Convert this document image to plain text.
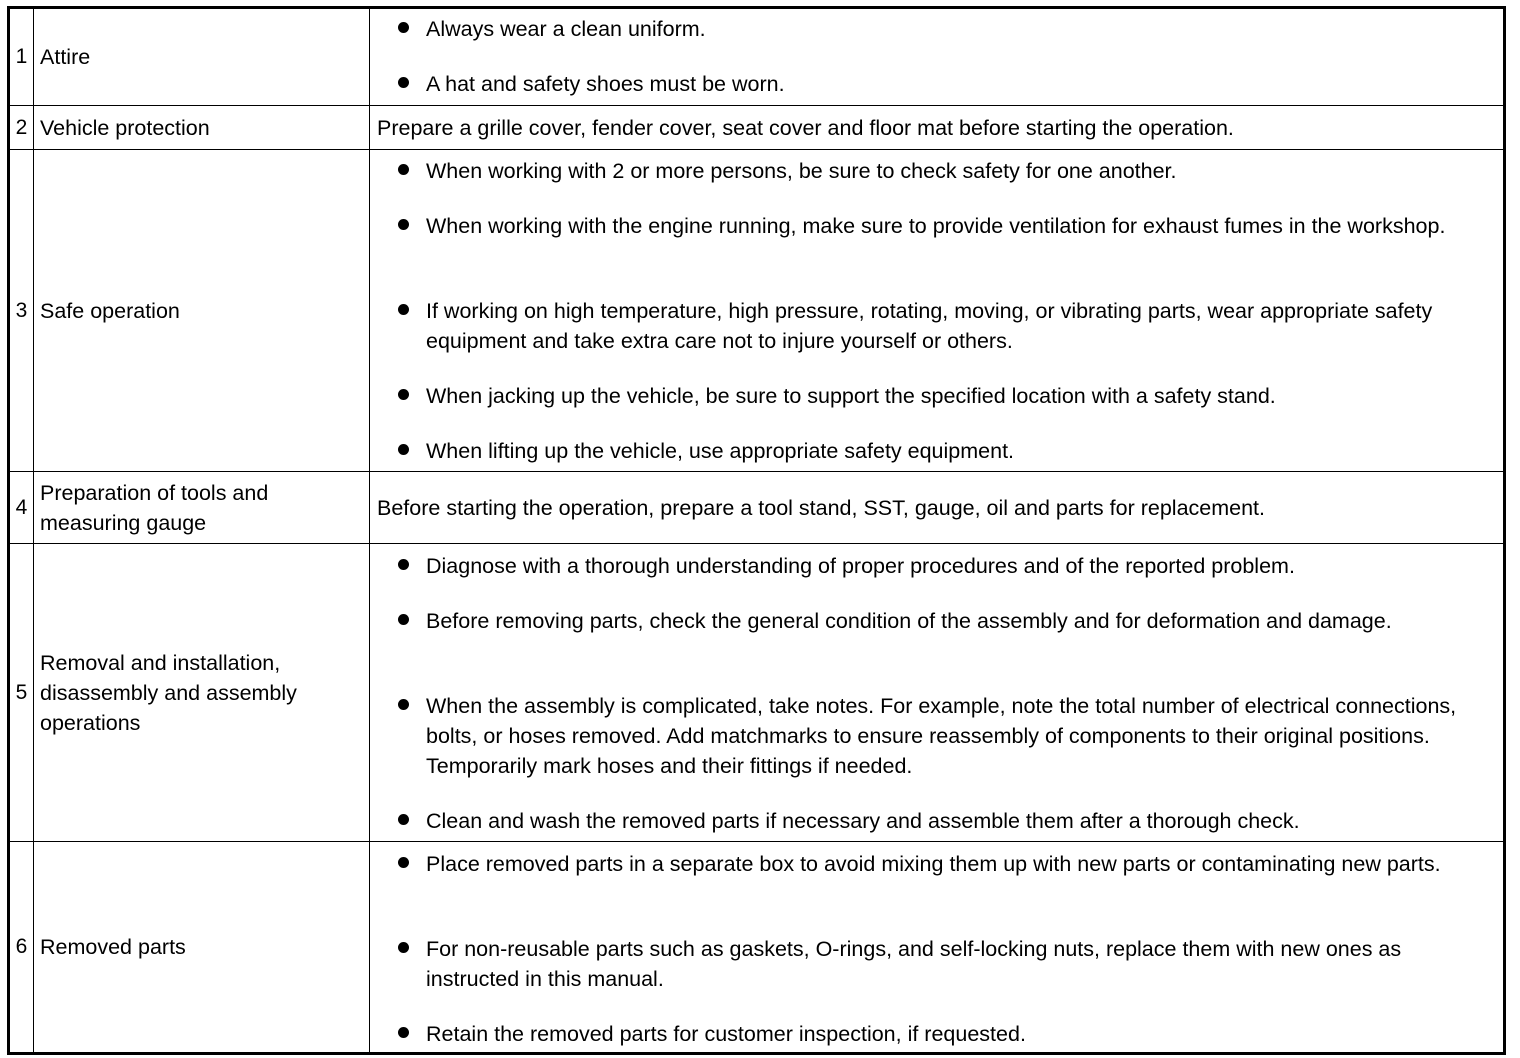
1 Attire
Always wear a clean uniform.
A hat and safety shoes must be worn.
2 Vehicle protection	Prepare a grille cover, fender cover, seat cover and floor mat before starting the operation.
3 Safe operation
When working with 2 or more persons, be sure to check safety for one another.
When working with the engine running, make sure to provide ventilation for exhaust fumes in the workshop.
If working on high temperature, high pressure, rotating, moving, or vibrating parts, wear appropriate safety equipment and take extra care not to injure yourself or others.
When jacking up the vehicle, be sure to support the specified location with a safety stand.
When lifting up the vehicle, use appropriate safety equipment.
4
Preparation of tools and measuring gauge
Before starting the operation, prepare a tool stand, SST, gauge, oil and parts for replacement.
5
Removal and installation, disassembly and assembly operations
Diagnose with a thorough understanding of proper procedures and of the reported problem.
Before removing parts, check the general condition of the assembly and for deformation and damage.
When the assembly is complicated, take notes. For example, note the total number of electrical connections, bolts, or hoses removed. Add matchmarks to ensure reassembly of components to their original positions. Temporarily mark hoses and their fittings if needed.
Clean and wash the removed parts if necessary and assemble them after a thorough check.
6 Removed parts
Place removed parts in a separate box to avoid mixing them up with new parts or contaminating new parts.
For non-reusable parts such as gaskets, O-rings, and self-locking nuts, replace them with new ones as instructed in this manual.
Retain the removed parts for customer inspection, if requested.
